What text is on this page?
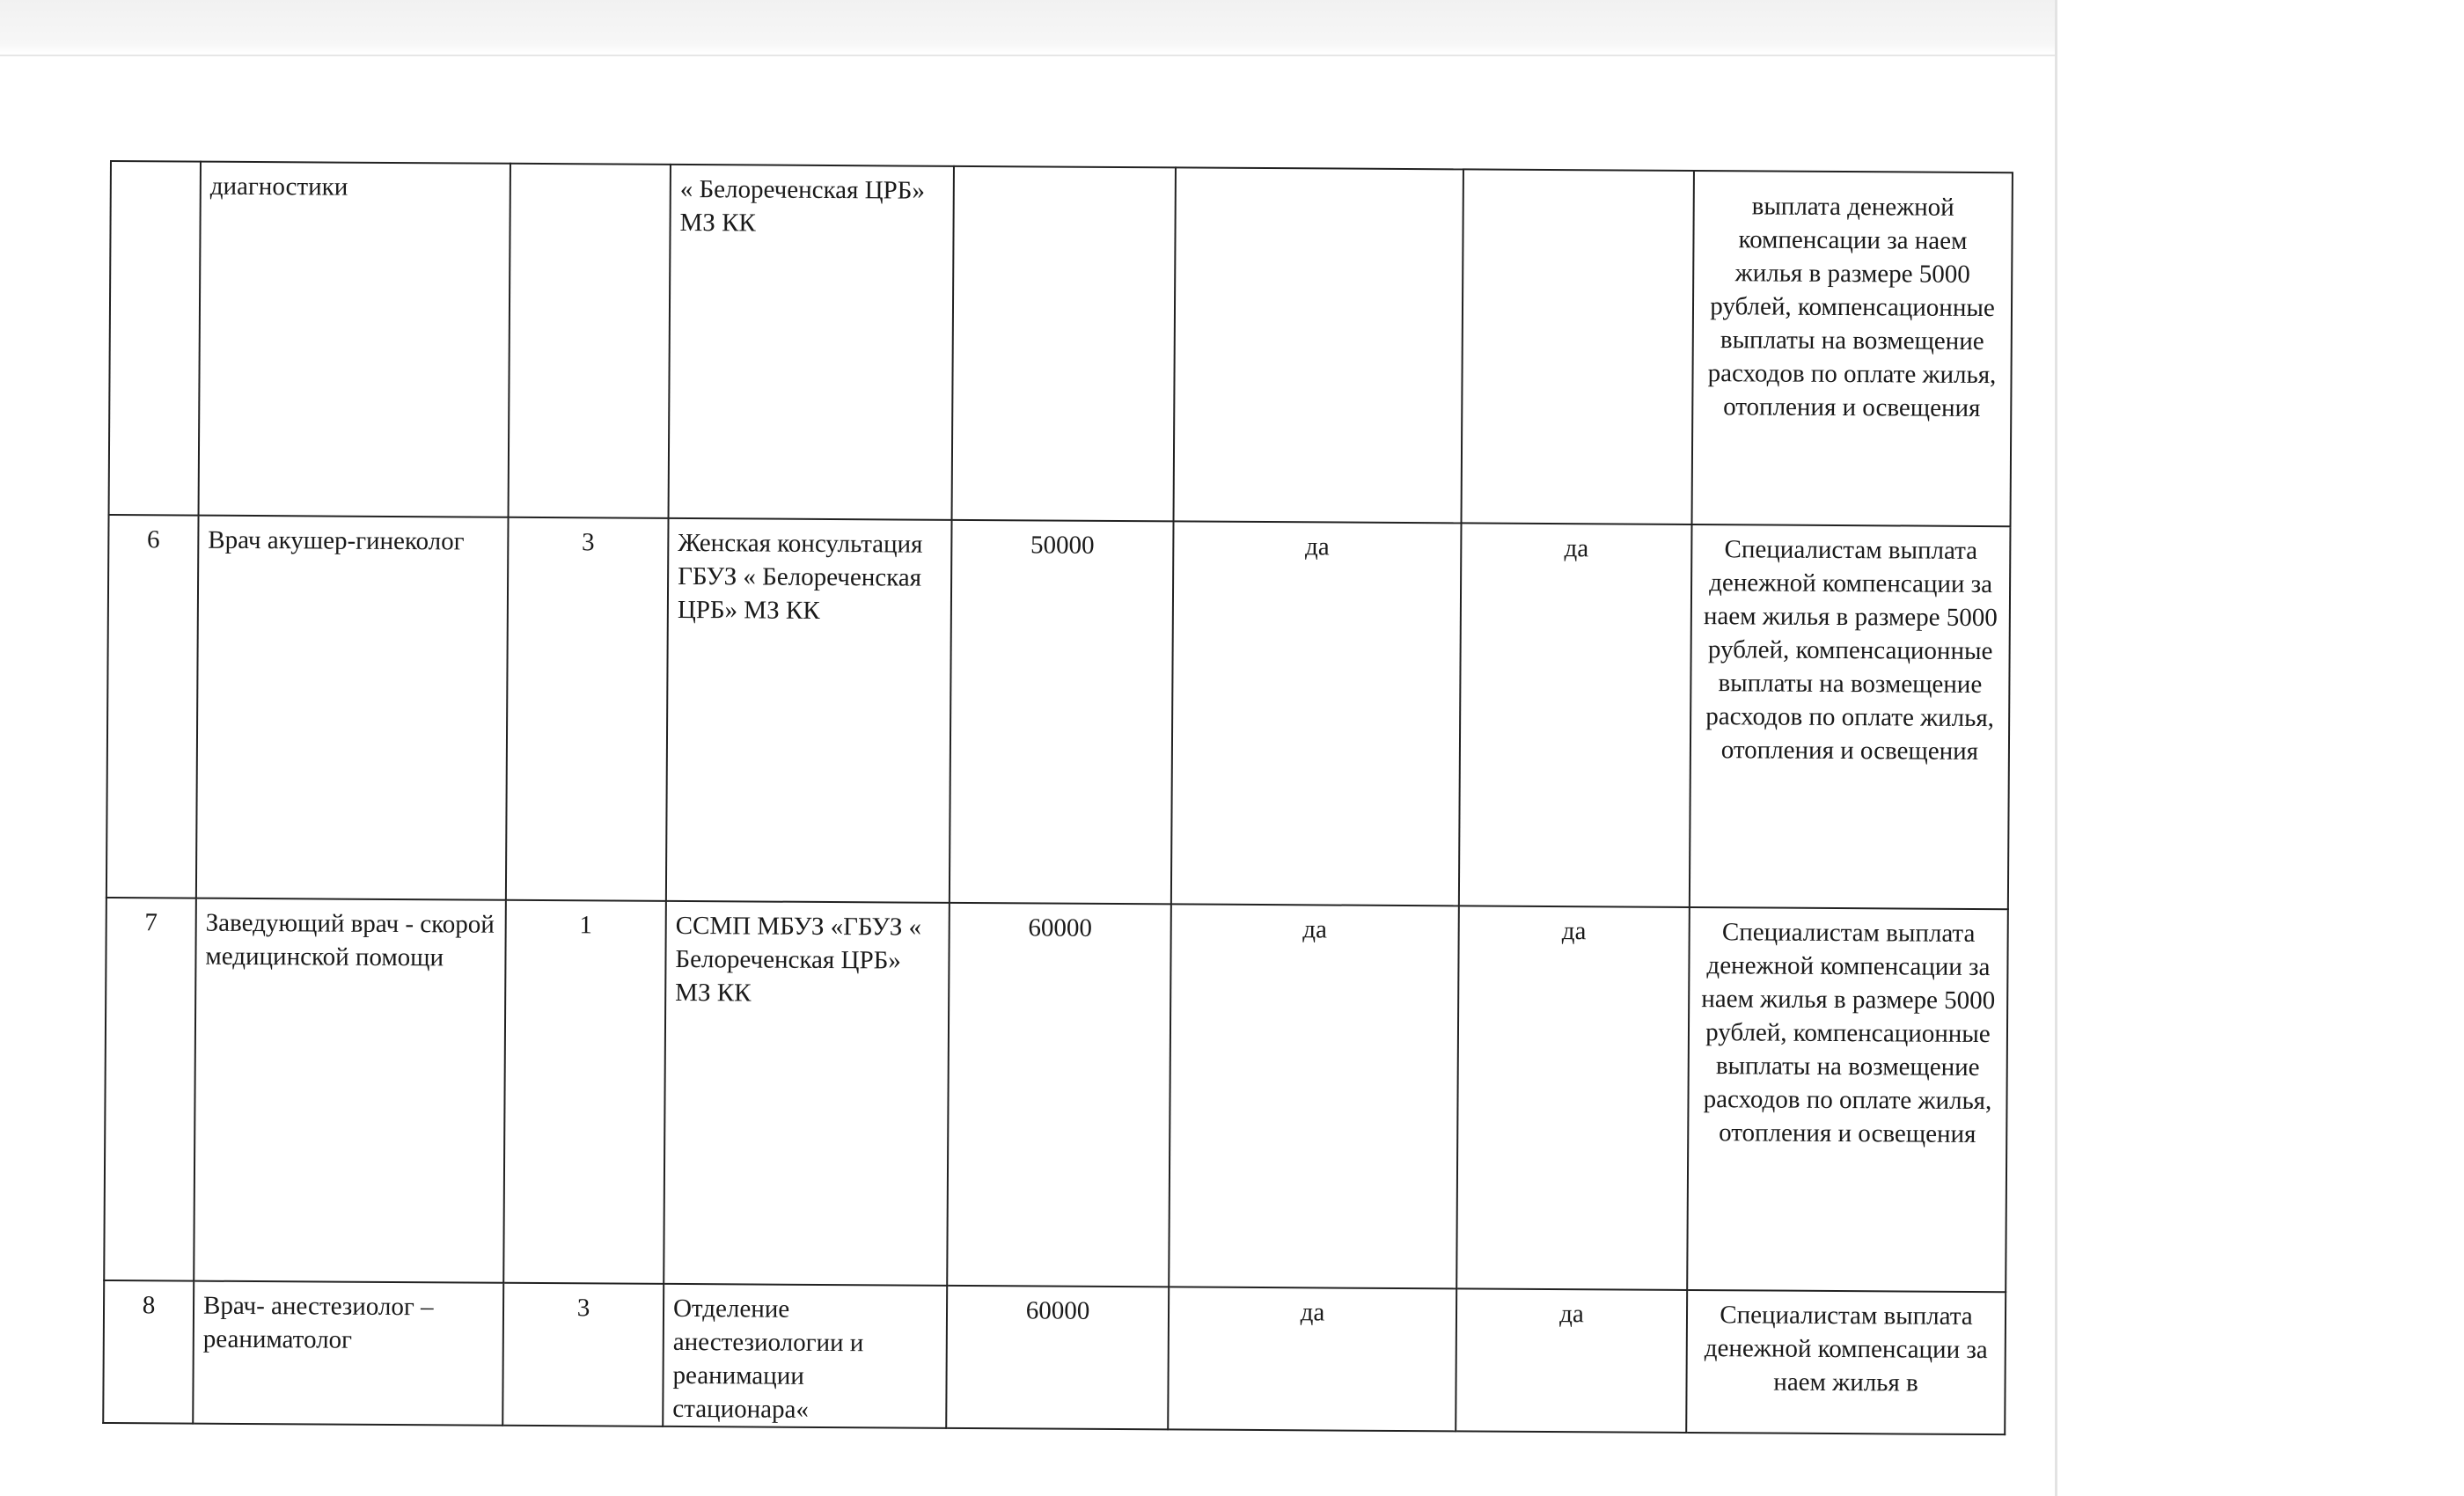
	диагностики		« Белореченская ЦРБ» МЗ КК				выплата денежной компенсации за наем жилья в размере 5000 рублей, компенсационные выплаты на возмещение расходов по оплате жилья, отопления и освещения
6	Врач акушер-гинеколог	3	Женская консультация ГБУЗ « Белореченская ЦРБ» МЗ КК	50000	да	да	Специалистам выплата денежной компенсации за наем жилья в размере 5000 рублей, компенсационные выплаты на возмещение расходов по оплате жилья, отопления и освещения
7	Заведующий врач - скорой медицинской помощи	1	ССМП МБУЗ «ГБУЗ « Белореченская ЦРБ» МЗ КК	60000	да	да	Специалистам выплата денежной компенсации за наем жилья в размере 5000 рублей, компенсационные выплаты на возмещение расходов по оплате жилья, отопления и освещения
8	Врач- анестезиолог – реаниматолог	3	Отделение анестезиологии и реанимации стационара«	60000	да	да	Специалистам выплата денежной компенсации за наем жилья в
